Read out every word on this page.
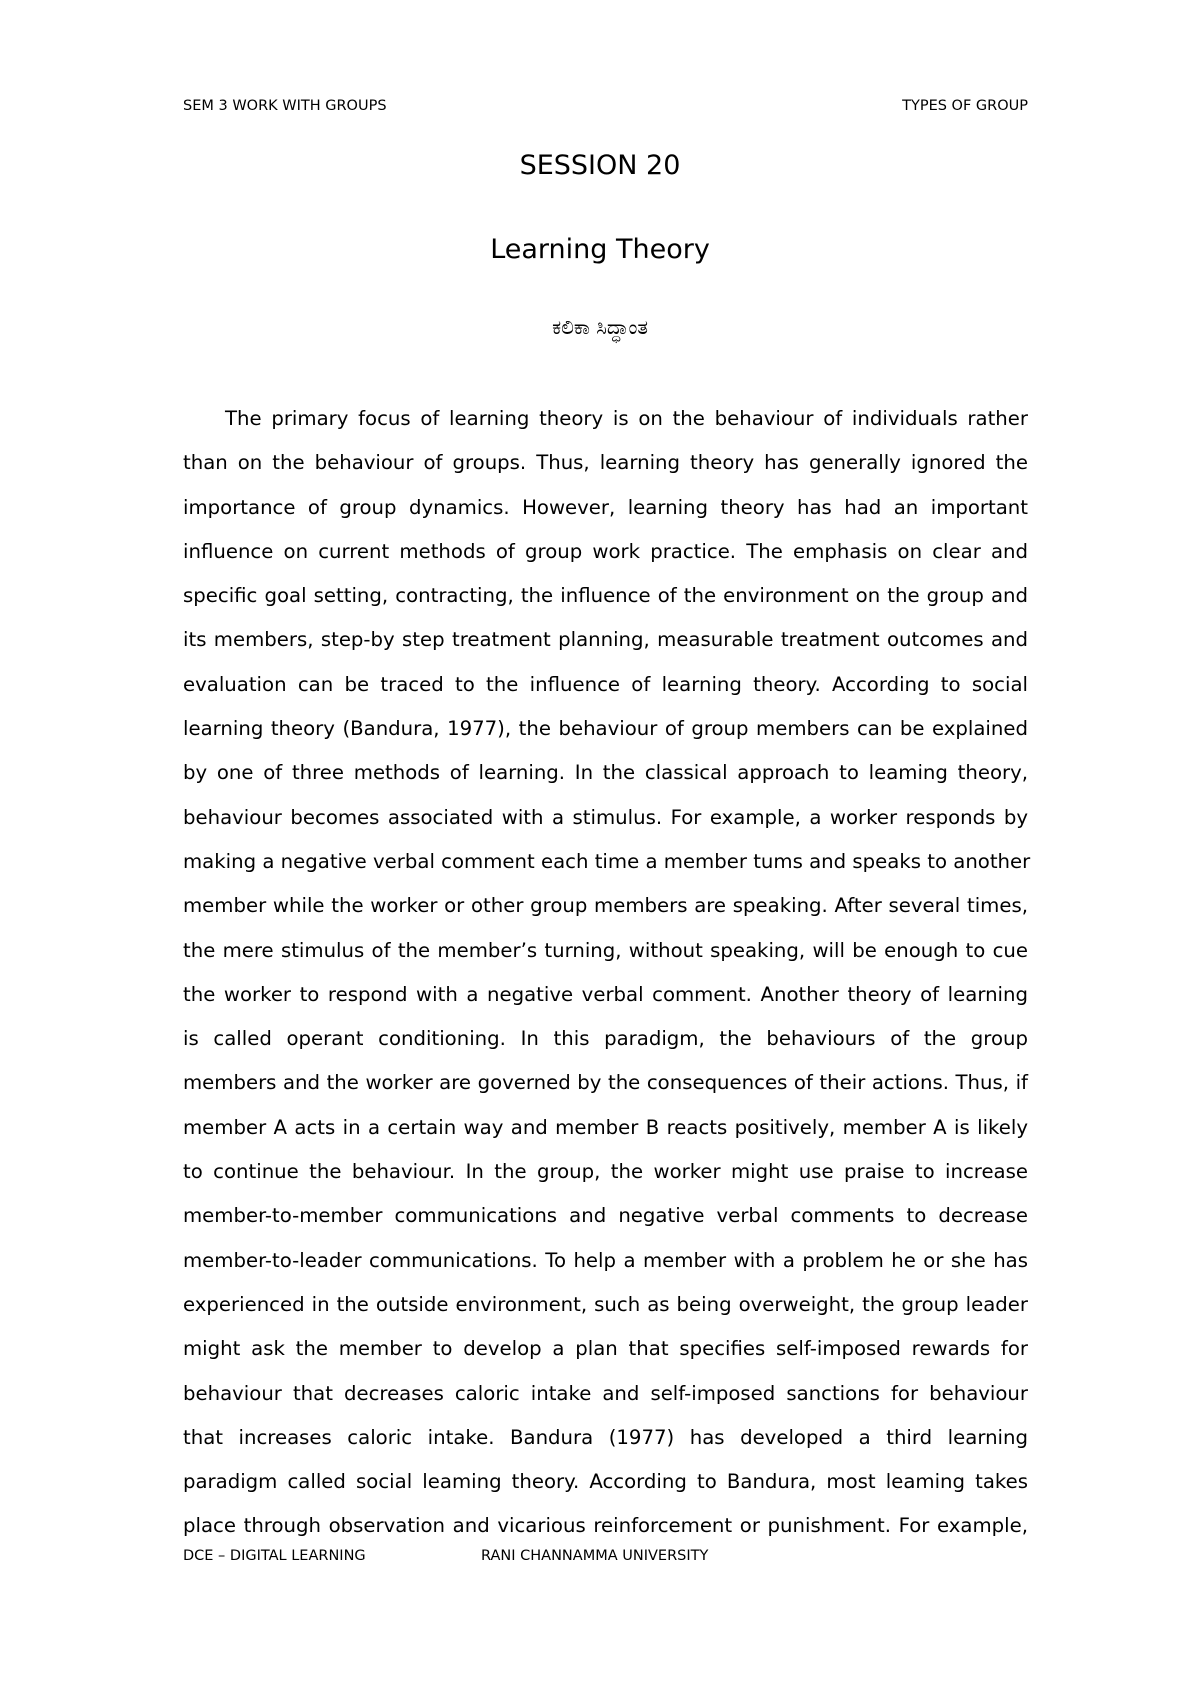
SEM 3 WORK WITH GROUPS	TYPES OF GROUP
SESSION 20
Learning Theory
ಕಲಿಕಾ ಸಿದ್ಧಾಂತ
The primary focus of learning theory is on the behaviour of individuals rather
than on the behaviour of groups. Thus, learning theory has generally ignored the
importance of group dynamics. However, learning theory has had an important
influence on current methods of group work practice. The emphasis on clear and
specific goal setting, contracting, the influence of the environment on the group and
its members, step-by step treatment planning, measurable treatment outcomes and
evaluation can be traced to the influence of learning theory. According to social
learning theory (Bandura, 1977), the behaviour of group members can be explained
by one of three methods of learning. In the classical approach to leaming theory,
behaviour becomes associated with a stimulus. For example, a worker responds by
making a negative verbal comment each time a member tums and speaks to another
member while the worker or other group members are speaking. After several times,
the mere stimulus of the member’s turning, without speaking, will be enough to cue
the worker to respond with a negative verbal comment. Another theory of learning
is called operant conditioning. In this paradigm, the behaviours of the group
members and the worker are governed by the consequences of their actions. Thus, if
member A acts in a certain way and member B reacts positively, member A is likely
to continue the behaviour. In the group, the worker might use praise to increase
member-to-member communications and negative verbal comments to decrease
member-to-leader communications. To help a member with a problem he or she has
experienced in the outside environment, such as being overweight, the group leader
might ask the member to develop a plan that specifies self-imposed rewards for
behaviour that decreases caloric intake and self-imposed sanctions for behaviour
that increases caloric intake. Bandura (1977) has developed a third learning
paradigm called social leaming theory. According to Bandura, most leaming takes
place through observation and vicarious reinforcement or punishment. For example,
DCE – DIGITAL LEARNING	RANI CHANNAMMA UNIVERSITY
